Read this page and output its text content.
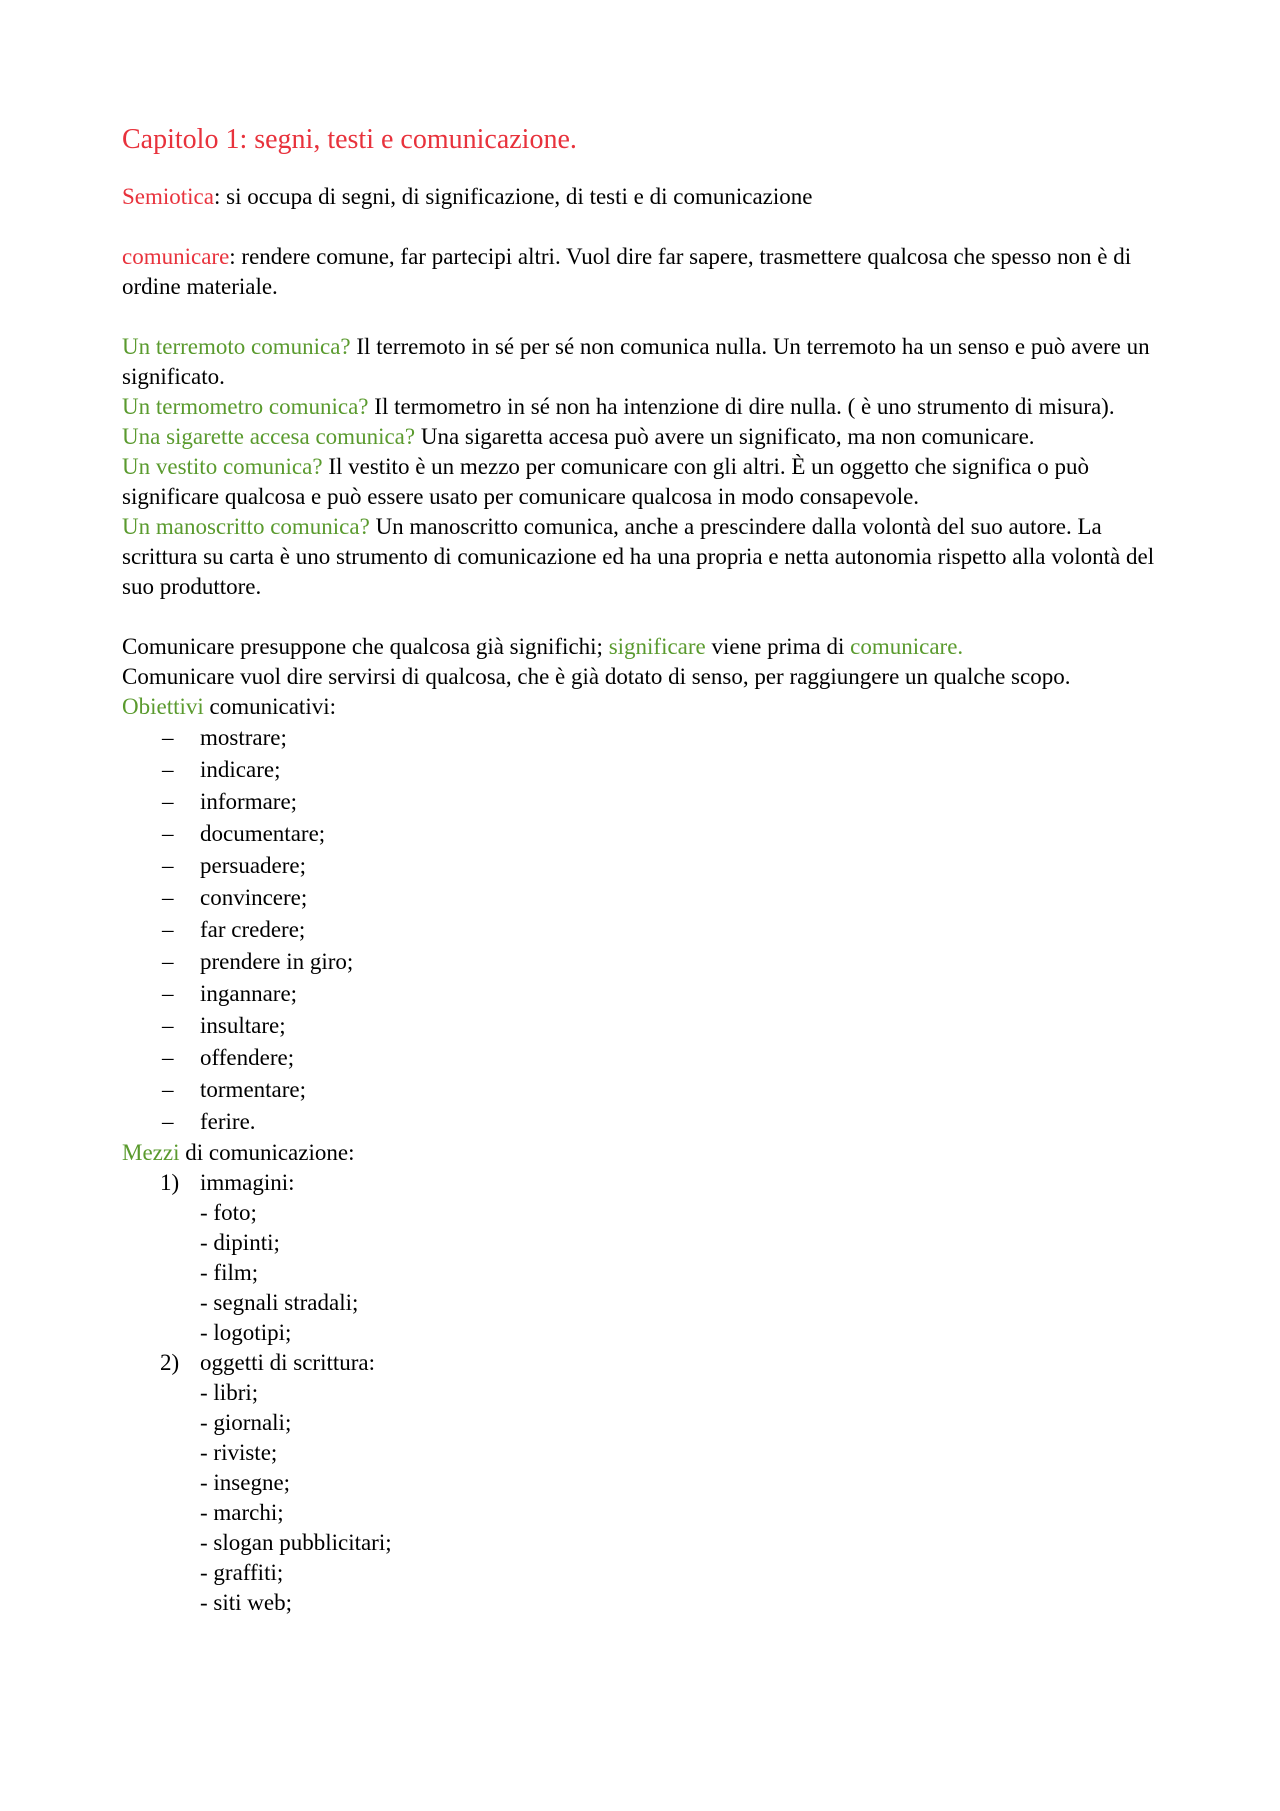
Capitolo 1: segni, testi e comunicazione.

Semiotica: si occupa di segni, di significazione, di testi e di comunicazione

comunicare: rendere comune, far partecipi altri. Vuol dire far sapere, trasmettere qualcosa che spesso non è di ordine materiale.

Un terremoto comunica? Il terremoto in sé per sé non comunica nulla. Un terremoto ha un senso e può avere un significato.

Un termometro comunica? Il termometro in sé non ha intenzione di dire nulla. ( è uno strumento di misura).

Una sigarette accesa comunica? Una sigaretta accesa può avere un significato, ma non comunicare.

Un vestito comunica? Il vestito è un mezzo per comunicare con gli altri. È un oggetto che significa o può significare qualcosa e può essere usato per comunicare qualcosa in modo consapevole.

Un manoscritto comunica? Un manoscritto comunica, anche a prescindere dalla volontà del suo autore. La scrittura su carta è uno strumento di comunicazione ed ha una propria e netta autonomia rispetto alla volontà del suo produttore.

Comunicare presuppone che qualcosa già significhi; significare viene prima di comunicare.

Comunicare vuol dire servirsi di qualcosa, che è già dotato di senso, per raggiungere un qualche scopo.

Obiettivi comunicativi:

– mostrare;
– indicare;
– informare;
– documentare;
– persuadere;
– convincere;
– far credere;
– prendere in giro;
– ingannare;
– insultare;
– offendere;
– tormentare;
– ferire.

Mezzi di comunicazione:

1) immagini:
- foto;
- dipinti;
- film;
- segnali stradali;
- logotipi;
2) oggetti di scrittura:
- libri;
- giornali;
- riviste;
- insegne;
- marchi;
- slogan pubblicitari;
- graffiti;
- siti web;
